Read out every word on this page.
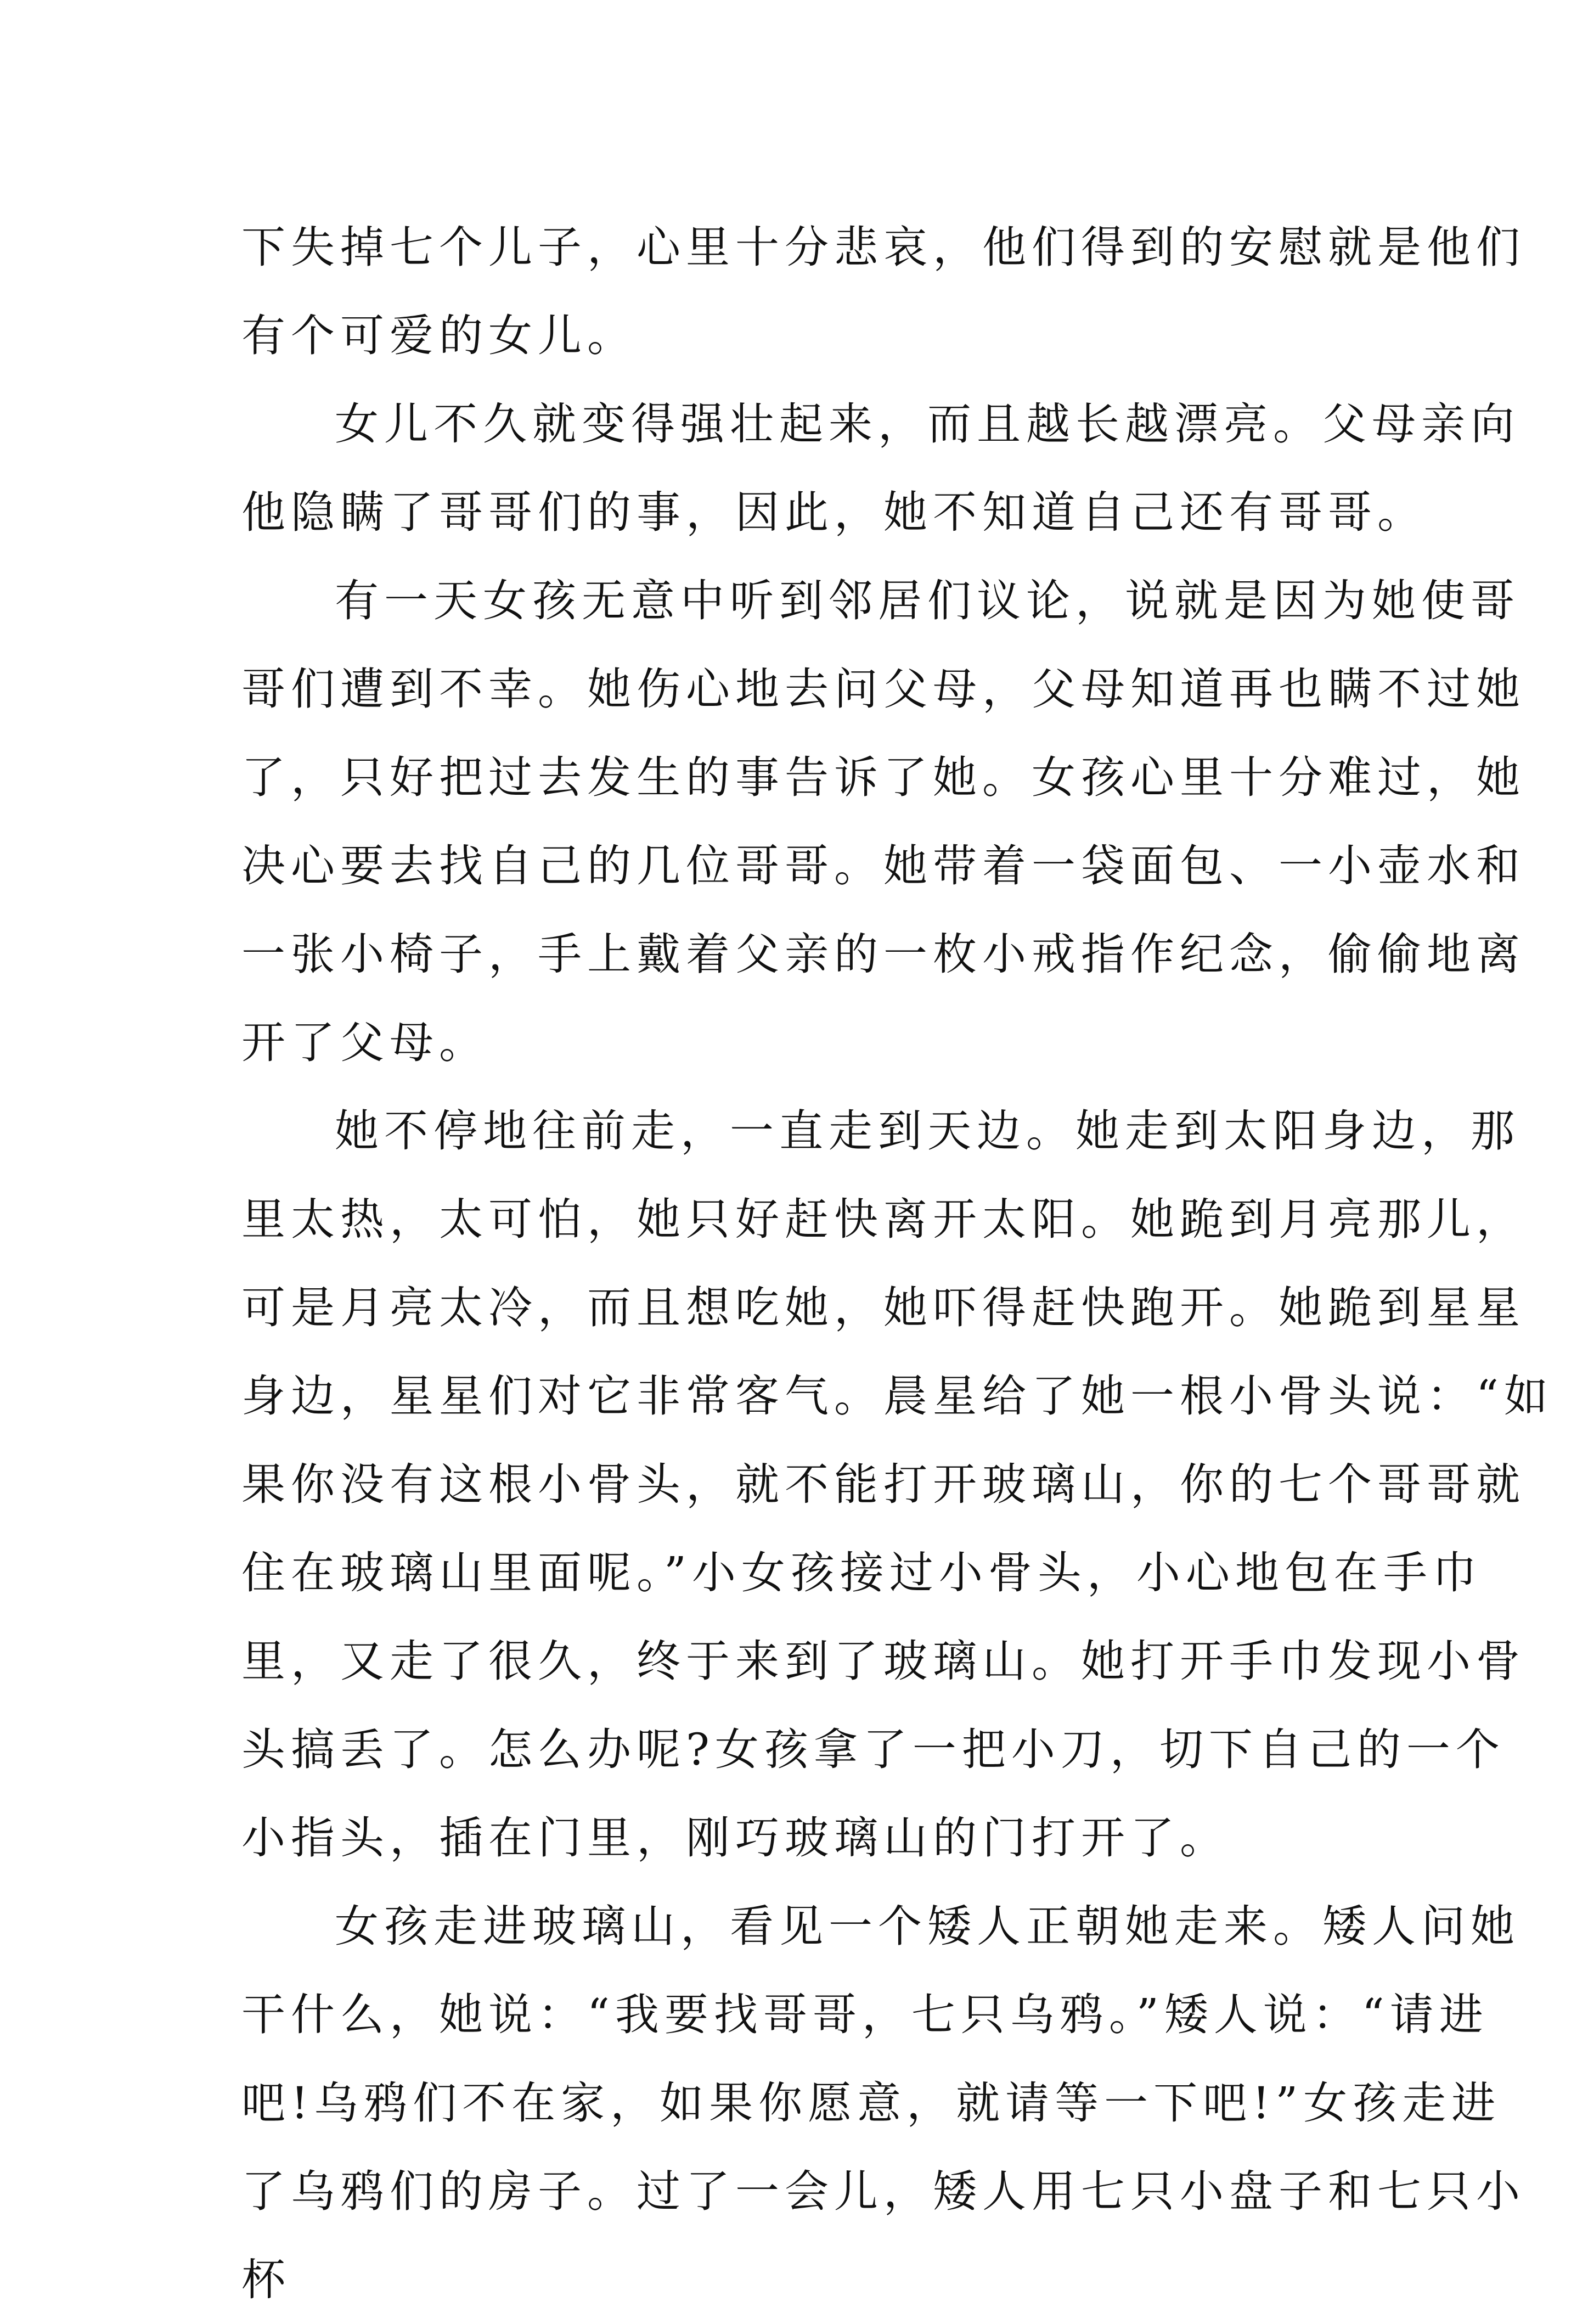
下失掉七个儿子，心里十分悲哀，他们得到的安慰就是他们
有个可爱的女儿。
女儿不久就变得强壮起来，而且越长越漂亮。父母亲向
他隐瞒了哥哥们的事，因此，她不知道自己还有哥哥。
有一天女孩无意中听到邻居们议论，说就是因为她使哥
哥们遭到不幸。她伤心地去问父母，父母知道再也瞒不过她
了，只好把过去发生的事告诉了她。女孩心里十分难过，她
决心要去找自己的几位哥哥。她带着一袋面包、一小壶水和
一张小椅子，手上戴着父亲的一枚小戒指作纪念，偷偷地离
开了父母。
她不停地往前走，一直走到天边。她走到太阳身边，那
里太热，太可怕，她只好赶快离开太阳。她跪到月亮那儿，
可是月亮太冷，而且想吃她，她吓得赶快跑开。她跪到星星
身边，星星们对它非常客气。晨星给了她一根小骨头说：“如
果你没有这根小骨头，就不能打开玻璃山，你的七个哥哥就
住在玻璃山里面呢。”小女孩接过小骨头，小心地包在手巾
里，又走了很久，终于来到了玻璃山。她打开手巾发现小骨
头搞丢了。怎么办呢?女孩拿了一把小刀，切下自己的一个
小指头，插在门里，刚巧玻璃山的门打开了。
女孩走进玻璃山，看见一个矮人正朝她走来。矮人问她
干什么，她说：“我要找哥哥，七只乌鸦。”矮人说：“请进
吧!乌鸦们不在家，如果你愿意，就请等一下吧!”女孩走进
了乌鸦们的房子。过了一会儿，矮人用七只小盘子和七只小
杯
